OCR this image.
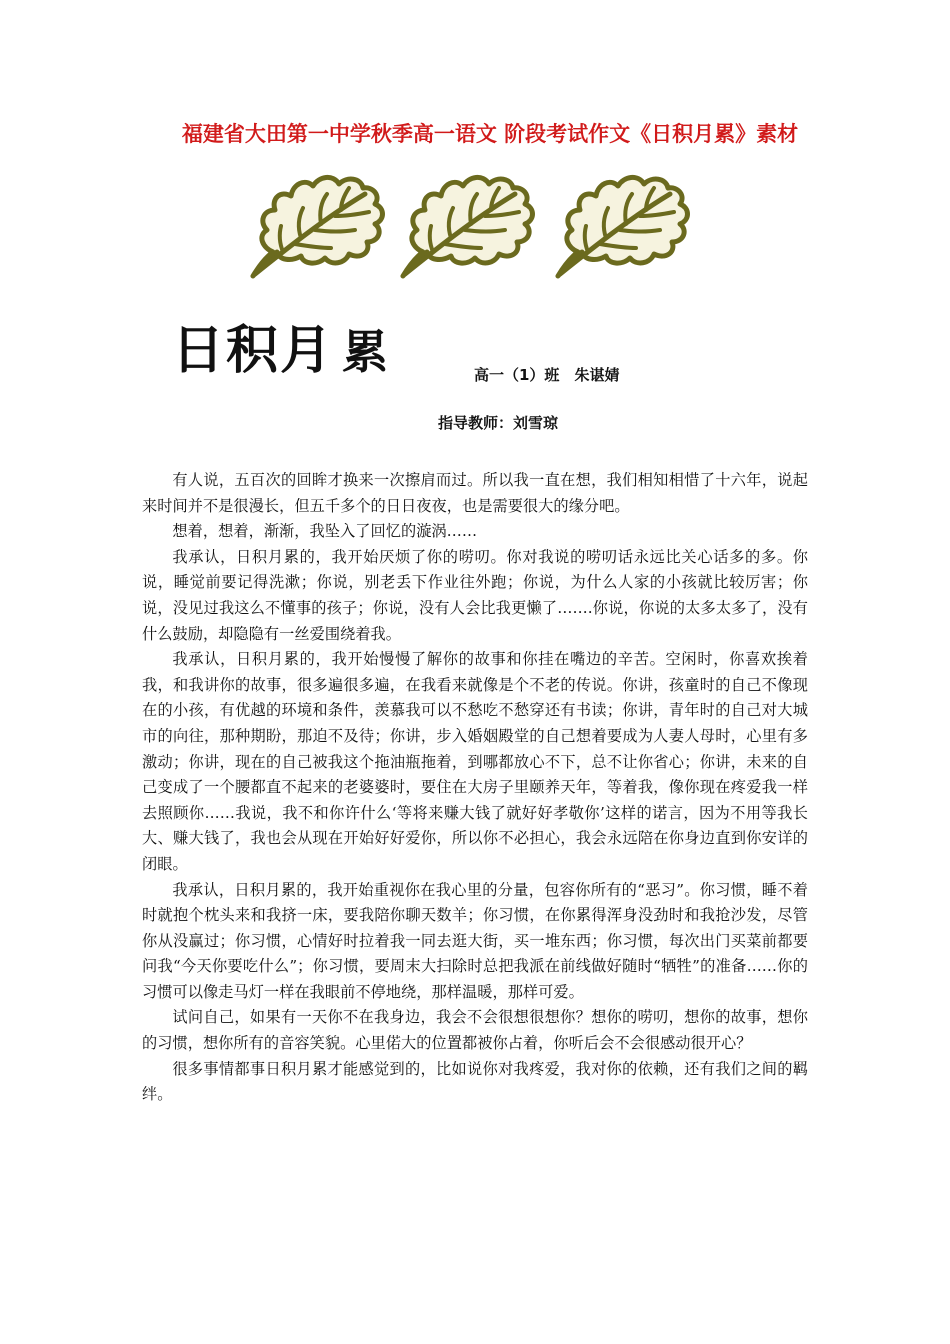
福建省大田第一中学秋季高一语文 阶段考试作文《日积月累》素材
日积月 累	高一（1）班　朱谌婧
指导教师：刘雪琼

有人说，五百次的回眸才换来一次擦肩而过。所以我一直在想，我们相知相惜了十六年，说起来时间并不是很漫长，但五千多个的日日夜夜，也是需要很大的缘分吧。

想着，想着，渐渐，我坠入了回忆的漩涡……

我承认，日积月累的，我开始厌烦了你的唠叨。你对我说的唠叨话永远比关心话多的多。你说，睡觉前要记得洗漱；你说，别老丢下作业往外跑；你说，为什么人家的小孩就比较厉害；你说，没见过我这么不懂事的孩子；你说，没有人会比我更懒了…….你说，你说的太多太多了，没有什么鼓励，却隐隐有一丝爱围绕着我。

我承认，日积月累的，我开始慢慢了解你的故事和你挂在嘴边的辛苦。空闲时，你喜欢挨着我，和我讲你的故事，很多遍很多遍，在我看来就像是个不老的传说。你讲，孩童时的自己不像现在的小孩，有优越的环境和条件，羡慕我可以不愁吃不愁穿还有书读；你讲，青年时的自己对大城市的向往，那种期盼，那迫不及待；你讲，步入婚姻殿堂的自己想着要成为人妻人母时，心里有多激动；你讲，现在的自己被我这个拖油瓶拖着，到哪都放心不下，总不让你省心；你讲，未来的自己变成了一个腰都直不起来的老婆婆时，要住在大房子里颐养天年，等着我，像你现在疼爱我一样去照顾你……我说，我不和你许什么‘等将来赚大钱了就好好孝敬你’这样的诺言，因为不用等我长大、赚大钱了，我也会从现在开始好好爱你，所以你不必担心，我会永远陪在你身边直到你安详的闭眼。

我承认，日积月累的，我开始重视你在我心里的分量，包容你所有的“恶习”。你习惯，睡不着时就抱个枕头来和我挤一床，要我陪你聊天数羊；你习惯，在你累得浑身没劲时和我抢沙发，尽管你从没赢过；你习惯，心情好时拉着我一同去逛大街，买一堆东西；你习惯，每次出门买菜前都要问我“今天你要吃什么”；你习惯，要周末大扫除时总把我派在前线做好随时“牺牲”的准备……你的习惯可以像走马灯一样在我眼前不停地绕，那样温暖，那样可爱。

试问自己，如果有一天你不在我身边，我会不会很想很想你？想你的唠叨，想你的故事，想你的习惯，想你所有的音容笑貌。心里偌大的位置都被你占着，你听后会不会很感动很开心？

很多事情都事日积月累才能感觉到的，比如说你对我疼爱，我对你的依赖，还有我们之间的羁绊。
